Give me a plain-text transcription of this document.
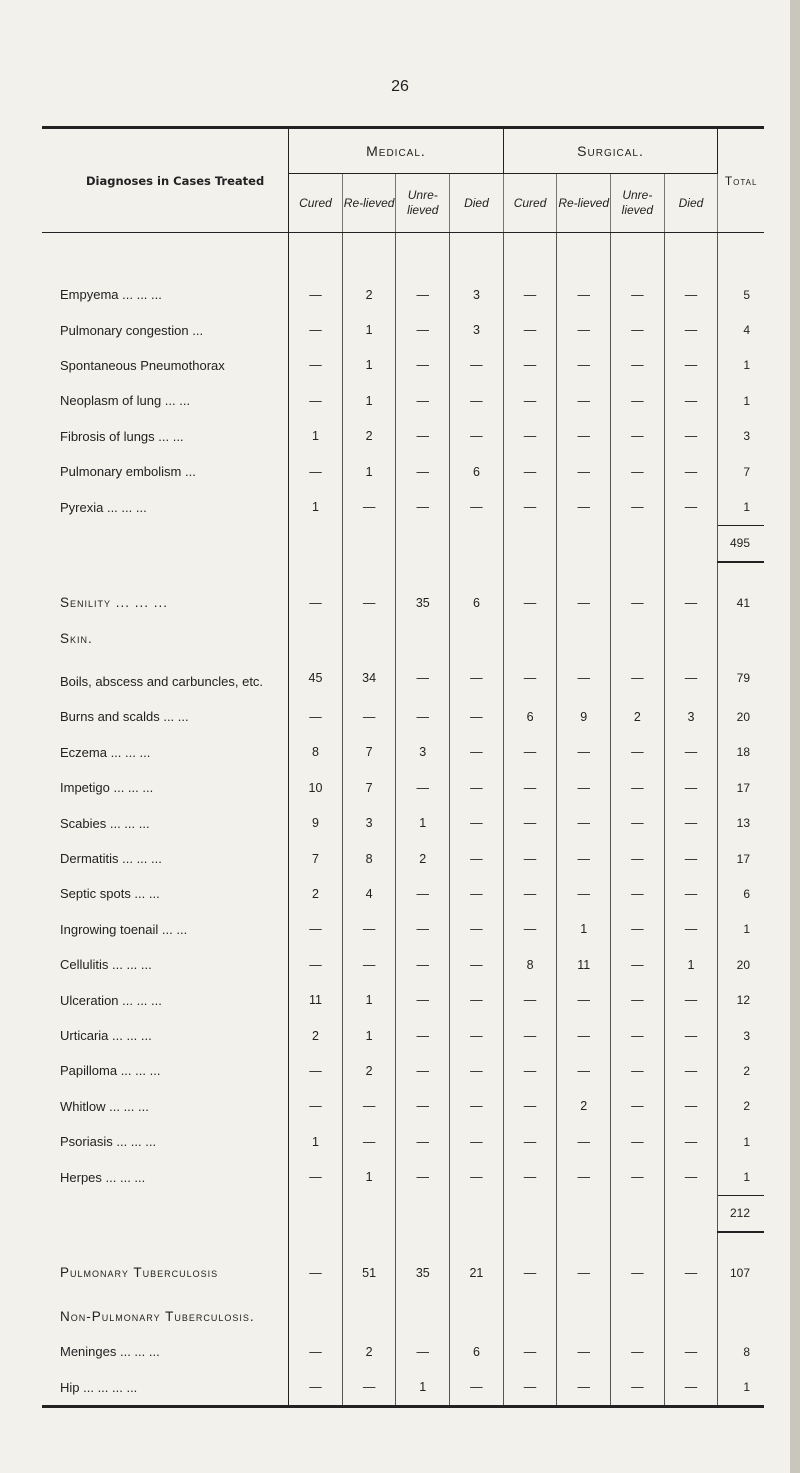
26
Diagnoses in Cases Treated	Medical.				Surgical.				Total
	Cured	Re-lieved	Unre-lieved	Died	Cured	Re-lieved	Unre-lieved	Died	

Empyema ... ... ...	—	2	—	3	—	—	—	—	5
Pulmonary congestion ...	—	1	—	3	—	—	—	—	4
Spontaneous Pneumothorax	—	1	—	—	—	—	—	—	1
Neoplasm of lung ... ...	—	1	—	—	—	—	—	—	1
Fibrosis of lungs ... ...	1	2	—	—	—	—	—	—	3
Pulmonary embolism ...	—	1	—	6	—	—	—	—	7
Pyrexia ... ... ...	1	—	—	—	—	—	—	—	1
									495

Senility ... ... ...	—	—	35	6	—	—	—	—	41
Skin.									
Boils, abscess and carbuncles, etc.	45	34	—	—	—	—	—	—	79
Burns and scalds ... ...	—	—	—	—	6	9	2	3	20
Eczema ... ... ...	8	7	3	—	—	—	—	—	18
Impetigo ... ... ...	10	7	—	—	—	—	—	—	17
Scabies ... ... ...	9	3	1	—	—	—	—	—	13
Dermatitis ... ... ...	7	8	2	—	—	—	—	—	17
Septic spots ... ...	2	4	—	—	—	—	—	—	6
Ingrowing toenail ... ...	—	—	—	—	—	1	—	—	1
Cellulitis ... ... ...	—	—	—	—	8	11	—	1	20
Ulceration ... ... ...	11	1	—	—	—	—	—	—	12
Urticaria ... ... ...	2	1	—	—	—	—	—	—	3
Papilloma ... ... ...	—	2	—	—	—	—	—	—	2
Whitlow ... ... ...	—	—	—	—	—	2	—	—	2
Psoriasis ... ... ...	1	—	—	—	—	—	—	—	1
Herpes ... ... ...	—	1	—	—	—	—	—	—	1
									212

Pulmonary Tuberculosis	—	51	35	21	—	—	—	—	107
Non-Pulmonary Tuberculosis.									
Meninges ... ... ...	—	2	—	6	—	—	—	—	8
Hip ... ... ... ...	—	—	1	—	—	—	—	—	1
